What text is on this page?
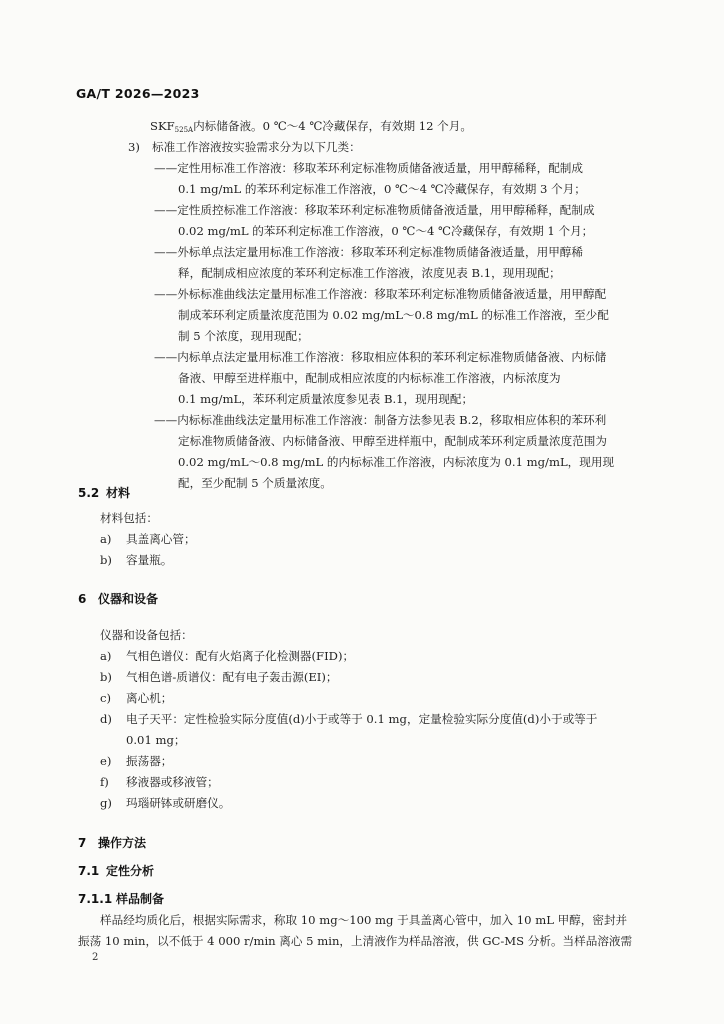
GA/T 2026—2023
$SKF_{525A}$内标储备液。0 ℃～4 ℃冷藏保存，有效期 12 个月。
3) 标准工作溶液按实验需求分为以下几类：
——定性用标准工作溶液：移取苯环利定标准物质储备液适量，用甲醇稀释，配制成
0.1 mg/mL 的苯环利定标准工作溶液，0 ℃～4 ℃冷藏保存，有效期 3 个月；
——定性质控标准工作溶液：移取苯环利定标准物质储备液适量，用甲醇稀释，配制成
0.02 mg/mL 的苯环利定标准工作溶液，0 ℃～4 ℃冷藏保存，有效期 1 个月；
——外标单点法定量用标准工作溶液：移取苯环利定标准物质储备液适量，用甲醇稀
释，配制成相应浓度的苯环利定标准工作溶液，浓度见表 B.1，现用现配；
——外标标准曲线法定量用标准工作溶液：移取苯环利定标准物质储备液适量，用甲醇配
制成苯环利定质量浓度范围为 0.02 mg/mL～0.8 mg/mL 的标准工作溶液，至少配
制 5 个浓度，现用现配；
——内标单点法定量用标准工作溶液：移取相应体积的苯环利定标准物质储备液、内标储
备液、甲醇至进样瓶中，配制成相应浓度的内标标准工作溶液，内标浓度为
0.1 mg/mL，苯环利定质量浓度参见表 B.1，现用现配；
——内标标准曲线法定量用标准工作溶液：制备方法参见表 B.2，移取相应体积的苯环利
定标准物质储备液、内标储备液、甲醇至进样瓶中，配制成苯环利定质量浓度范围为
0.02 mg/mL～0.8 mg/mL 的内标标准工作溶液，内标浓度为 0.1 mg/mL，现用现
配，至少配制 5 个质量浓度。
5.2 材料
材料包括：
a) 具盖离心管；
b) 容量瓶。
6 仪器和设备
仪器和设备包括：
a) 气相色谱仪：配有火焰离子化检测器(FID)；
b) 气相色谱-质谱仪：配有电子轰击源(EI)；
c) 离心机；
d) 电子天平：定性检验实际分度值(d)小于或等于 0.1 mg，定量检验实际分度值(d)小于或等于
0.01 mg；
e) 振荡器；
f) 移液器或移液管；
g) 玛瑙研钵或研磨仪。
7 操作方法
7.1 定性分析
7.1.1 样品制备
样品经均质化后，根据实际需求，称取 10 mg～100 mg 于具盖离心管中，加入 10 mL 甲醇，密封并
振荡 10 min，以不低于 4 000 r/min 离心 5 min，上清液作为样品溶液，供 GC-MS 分析。当样品溶液需
2
